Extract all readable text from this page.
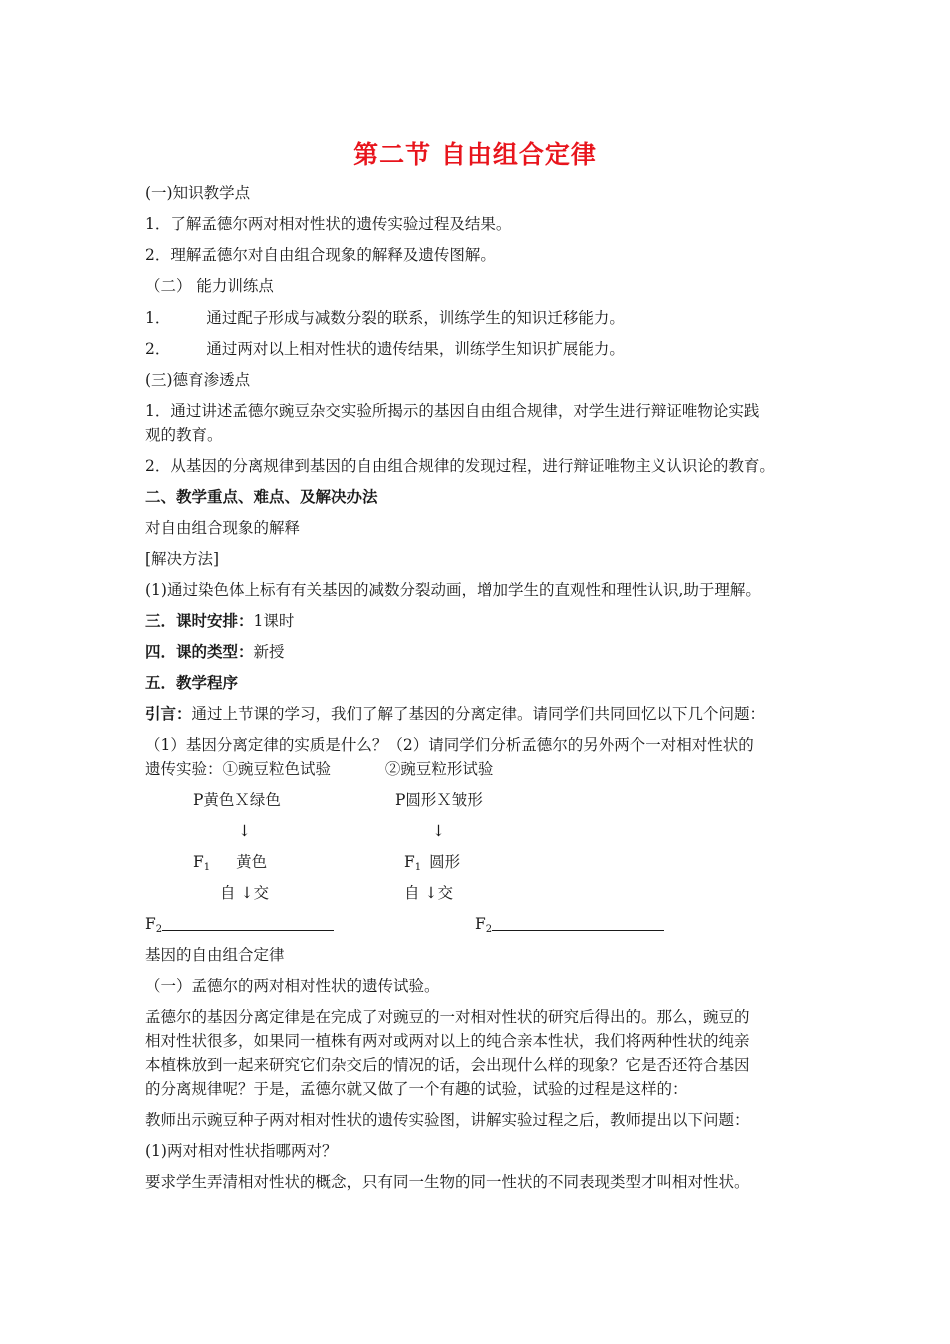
第二节 自由组合定律
(一)知识教学点
1．了解孟德尔两对相对性状的遗传实验过程及结果。
2．理解孟德尔对自由组合现象的解释及遗传图解。
（二） 能力训练点
1． 通过配子形成与减数分裂的联系，训练学生的知识迁移能力。
2． 通过两对以上相对性状的遗传结果，训练学生知识扩展能力。
(三)德育渗透点
1．通过讲述孟德尔豌豆杂交实验所揭示的基因自由组合规律，对学生进行辩证唯物论实践
观的教育。
2．从基因的分离规律到基因的自由组合规律的发现过程，进行辩证唯物主义认识论的教育。
二、教学重点、难点、及解决办法
对自由组合现象的解释
[解决方法]
(1)通过染色体上标有有关基因的减数分裂动画，增加学生的直观性和理性认识,助于理解。
三．课时安排：1课时
四．课的类型：新授
五．教学程序
引言：通过上节课的学习，我们了解了基因的分离定律。请同学们共同回忆以下几个问题：
（1）基因分离定律的实质是什么？（2）请同学们分析孟德尔的另外两个一对相对性状的
遗传实验：①豌豆粒色试验	②豌豆粒形试验
P黄色Ｘ绿色
↓
$F_1$ 黄色
自 ↓交
$F_2$
P圆形Ｘ皱形
↓
$F_1$ 圆形
自 ↓交
$F_2$
基因的自由组合定律
（一）孟德尔的两对相对性状的遗传试验。
孟德尔的基因分离定律是在完成了对豌豆的一对相对性状的研究后得出的。那么，豌豆的
相对性状很多，如果同一植株有两对或两对以上的纯合亲本性状，我们将两种性状的纯亲
本植株放到一起来研究它们杂交后的情况的话，会出现什么样的现象？它是否还符合基因
的分离规律呢？于是，孟德尔就又做了一个有趣的试验，试验的过程是这样的：
教师出示豌豆种子两对相对性状的遗传实验图，讲解实验过程之后，教师提出以下问题：
(1)两对相对性状指哪两对？
要求学生弄清相对性状的概念，只有同一生物的同一性状的不同表现类型才叫相对性状。
